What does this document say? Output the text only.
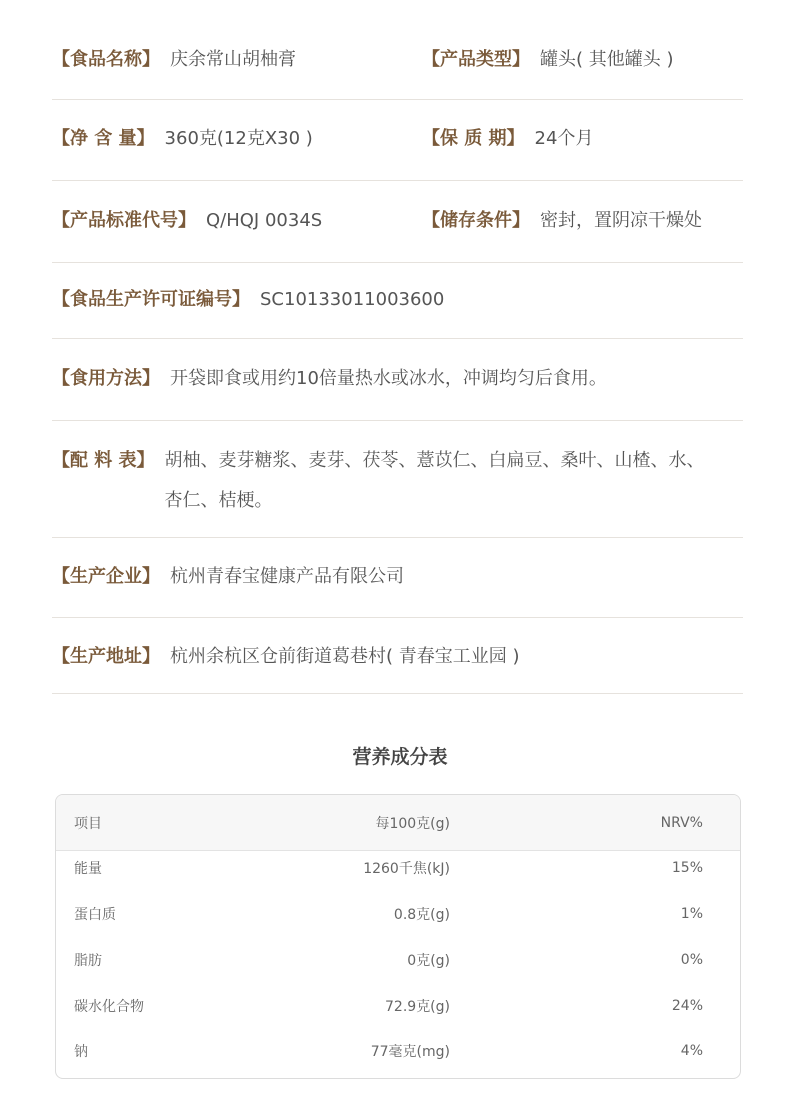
【食品名称】 庆余常山胡柚膏	【产品类型】 罐头( 其他罐头 )
【净 含 量】 360克(12克X30 )	【保 质 期】 24个月
【产品标准代号】 Q/HQJ 0034S	【储存条件】 密封，置阴凉干燥处
【食品生产许可证编号】 SC10133011003600
【食用方法】 开袋即食或用约10倍量热水或冰水，冲调均匀后食用。
【配 料 表】 胡柚、麦芽糖浆、麦芽、茯苓、薏苡仁、白扁豆、桑叶、山楂、水、杏仁、桔梗。
【生产企业】 杭州青春宝健康产品有限公司
【生产地址】 杭州余杭区仓前街道葛巷村( 青春宝工业园 )
营养成分表
项目	每100克(g)	NRV%
能量	1260千焦(kJ)	15%
蛋白质	0.8克(g)	1%
脂肪	0克(g)	0%
碳水化合物	72.9克(g)	24%
钠	77毫克(mg)	4%
